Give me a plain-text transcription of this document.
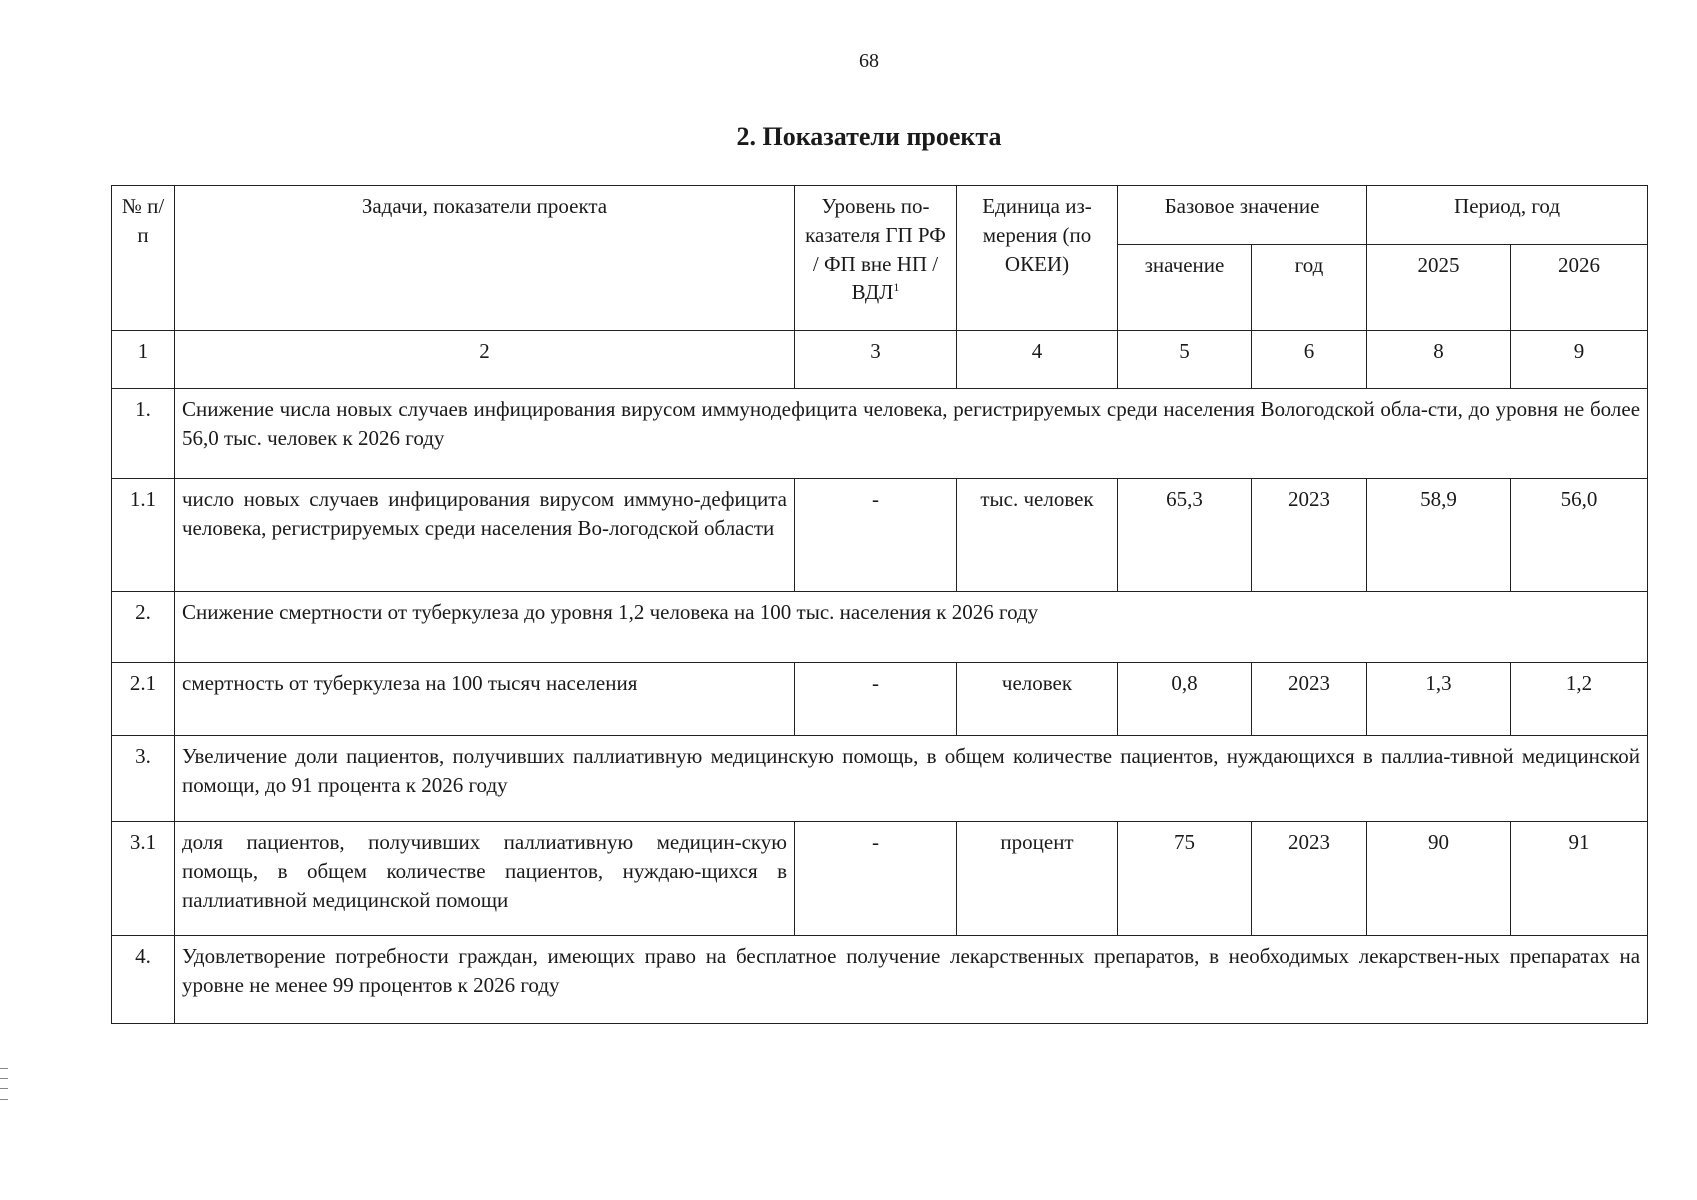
68
2. Показатели проекта
№ п/п	Задачи, показатели проекта	Уровень по-казателя ГП РФ / ФП вне НП / ВДЛ$^1$	Единица из-мерения (по ОКЕИ)	Базовое значение		Период, год	
				значение	год	2025	2026
1	2	3	4	5	6	8	9
1.	Снижение числа новых случаев инфицирования вирусом иммунодефицита человека, регистрируемых среди населения Вологодской обла-сти, до уровня не более 56,0 тыс. человек к 2026 году						
1.1	число новых случаев инфицирования вирусом иммуно-дефицита человека, регистрируемых среди населения Во-логодской области	-	тыс. человек	65,3	2023	58,9	56,0
2.	Снижение смертности от туберкулеза до уровня 1,2 человека на 100 тыс. населения к 2026 году						
2.1	смертность от туберкулеза на 100 тысяч населения	-	человек	0,8	2023	1,3	1,2
3.	Увеличение доли пациентов, получивших паллиативную медицинскую помощь, в общем количестве пациентов, нуждающихся в паллиа-тивной медицинской помощи, до 91 процента к 2026 году						
3.1	доля пациентов, получивших паллиативную медицин-скую помощь, в общем количестве пациентов, нуждаю-щихся в паллиативной медицинской помощи	-	процент	75	2023	90	91
4.	Удовлетворение потребности граждан, имеющих право на бесплатное получение лекарственных препаратов, в необходимых лекарствен-ных препаратах на уровне не менее 99 процентов к 2026 году						
